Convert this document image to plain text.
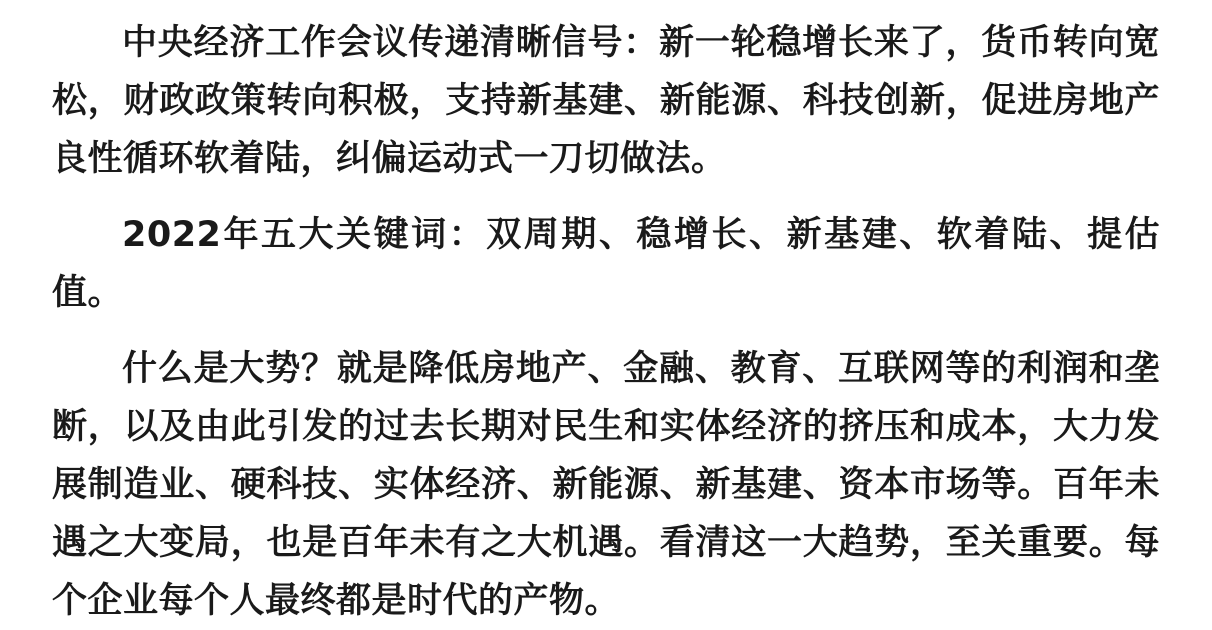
中央经济工作会议传递清晰信号：新一轮稳增长来了，货币转向宽松，财政政策转向积极，支持新基建、新能源、科技创新，促进房地产良性循环软着陆，纠偏运动式一刀切做法。

2022年五大关键词：双周期、稳增长、新基建、软着陆、提估值。

什么是大势？就是降低房地产、金融、教育、互联网等的利润和垄断，以及由此引发的过去长期对民生和实体经济的挤压和成本，大力发展制造业、硬科技、实体经济、新能源、新基建、资本市场等。百年未遇之大变局，也是百年未有之大机遇。看清这一大趋势，至关重要。每个企业每个人最终都是时代的产物。
